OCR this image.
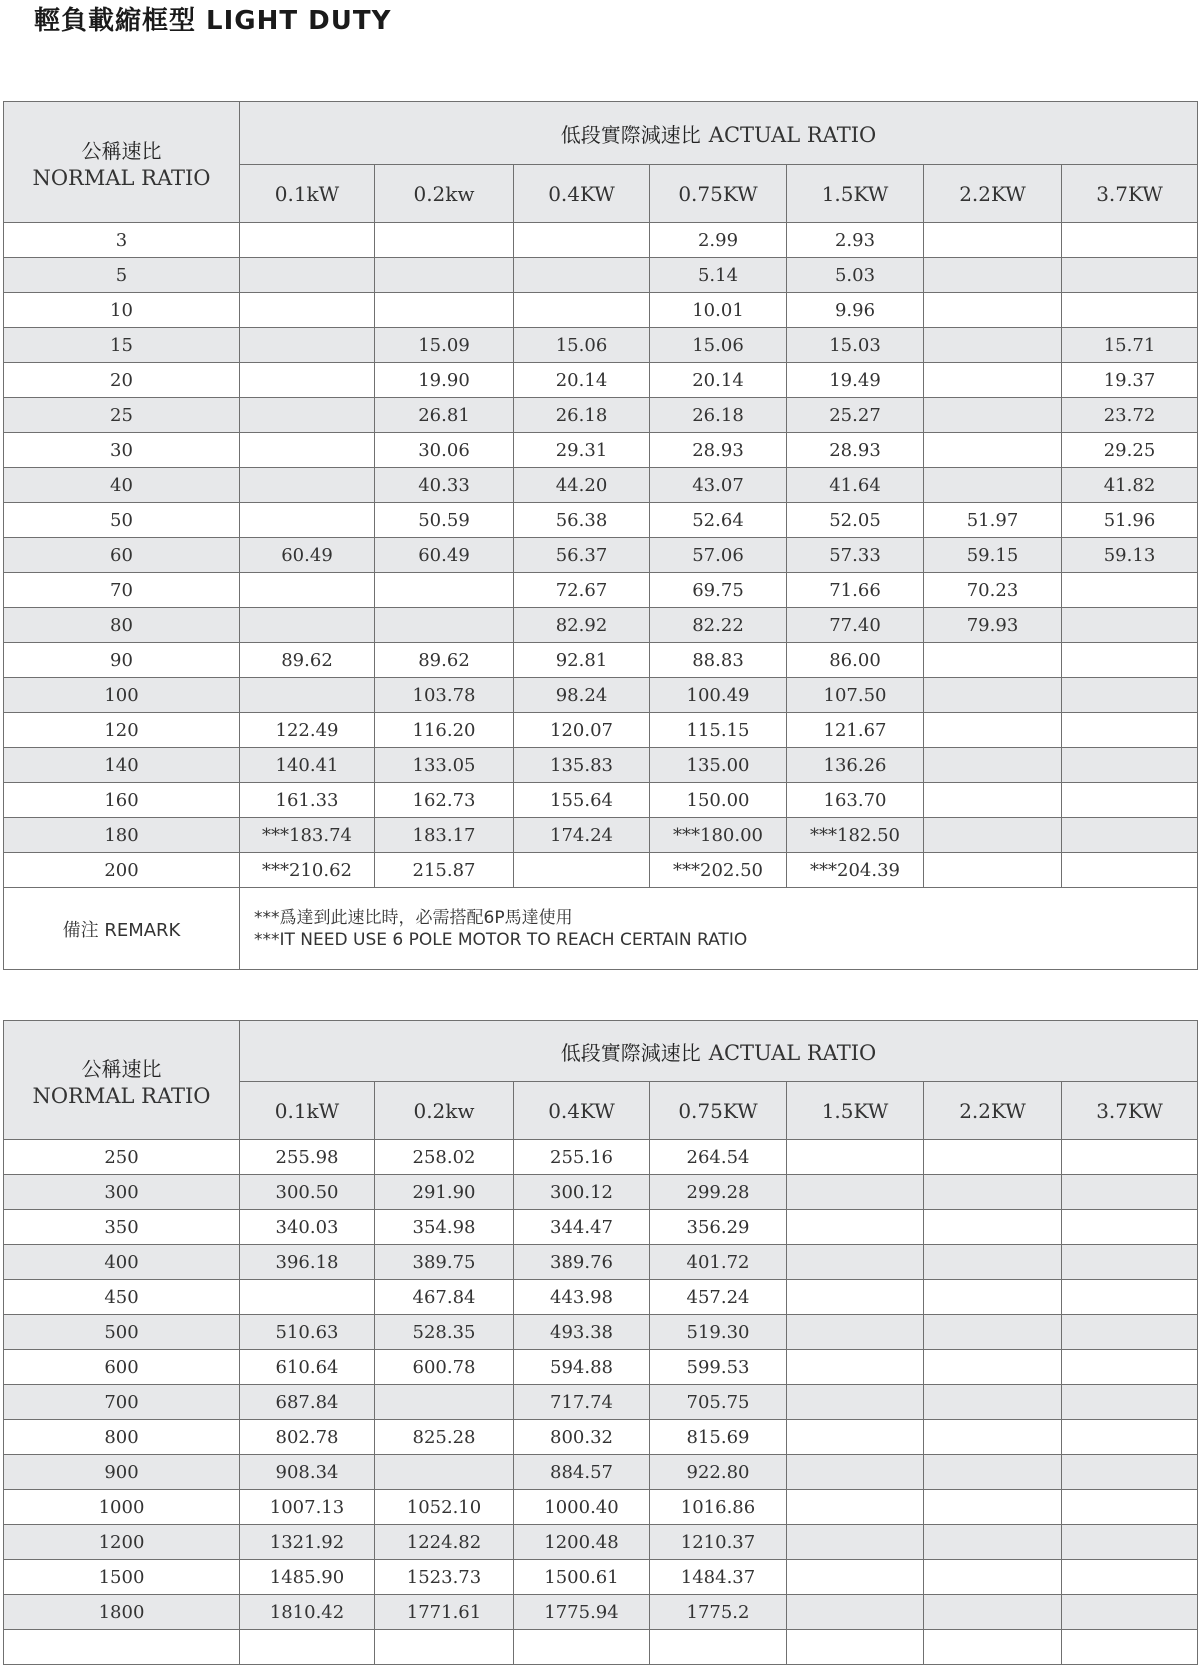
輕負載縮框型 LIGHT DUTY
公稱速比
NORMAL RATIO	低段實際減速比 ACTUAL RATIO						
	0.1kW	0.2kw	0.4KW	0.75KW	1.5KW	2.2KW	3.7KW
3				2.99	2.93		
5				5.14	5.03		
10				10.01	9.96		
15		15.09	15.06	15.06	15.03		15.71
20		19.90	20.14	20.14	19.49		19.37
25		26.81	26.18	26.18	25.27		23.72
30		30.06	29.31	28.93	28.93		29.25
40		40.33	44.20	43.07	41.64		41.82
50		50.59	56.38	52.64	52.05	51.97	51.96
60	60.49	60.49	56.37	57.06	57.33	59.15	59.13
70			72.67	69.75	71.66	70.23	
80			82.92	82.22	77.40	79.93	
90	89.62	89.62	92.81	88.83	86.00		
100		103.78	98.24	100.49	107.50		
120	122.49	116.20	120.07	115.15	121.67		
140	140.41	133.05	135.83	135.00	136.26		
160	161.33	162.73	155.64	150.00	163.70		
180	***183.74	183.17	174.24	***180.00	***182.50		
200	***210.62	215.87		***202.50	***204.39		
備注 REMARK	***爲達到此速比時，必需搭配6P馬達使用
***IT NEED USE 6 POLE MOTOR TO REACH CERTAIN RATIO						
公稱速比
NORMAL RATIO	低段實際減速比 ACTUAL RATIO						
	0.1kW	0.2kw	0.4KW	0.75KW	1.5KW	2.2KW	3.7KW
250	255.98	258.02	255.16	264.54			
300	300.50	291.90	300.12	299.28			
350	340.03	354.98	344.47	356.29			
400	396.18	389.75	389.76	401.72			
450		467.84	443.98	457.24			
500	510.63	528.35	493.38	519.30			
600	610.64	600.78	594.88	599.53			
700	687.84		717.74	705.75			
800	802.78	825.28	800.32	815.69			
900	908.34		884.57	922.80			
1000	1007.13	1052.10	1000.40	1016.86			
1200	1321.92	1224.82	1200.48	1210.37			
1500	1485.90	1523.73	1500.61	1484.37			
1800	1810.42	1771.61	1775.94	1775.2			
